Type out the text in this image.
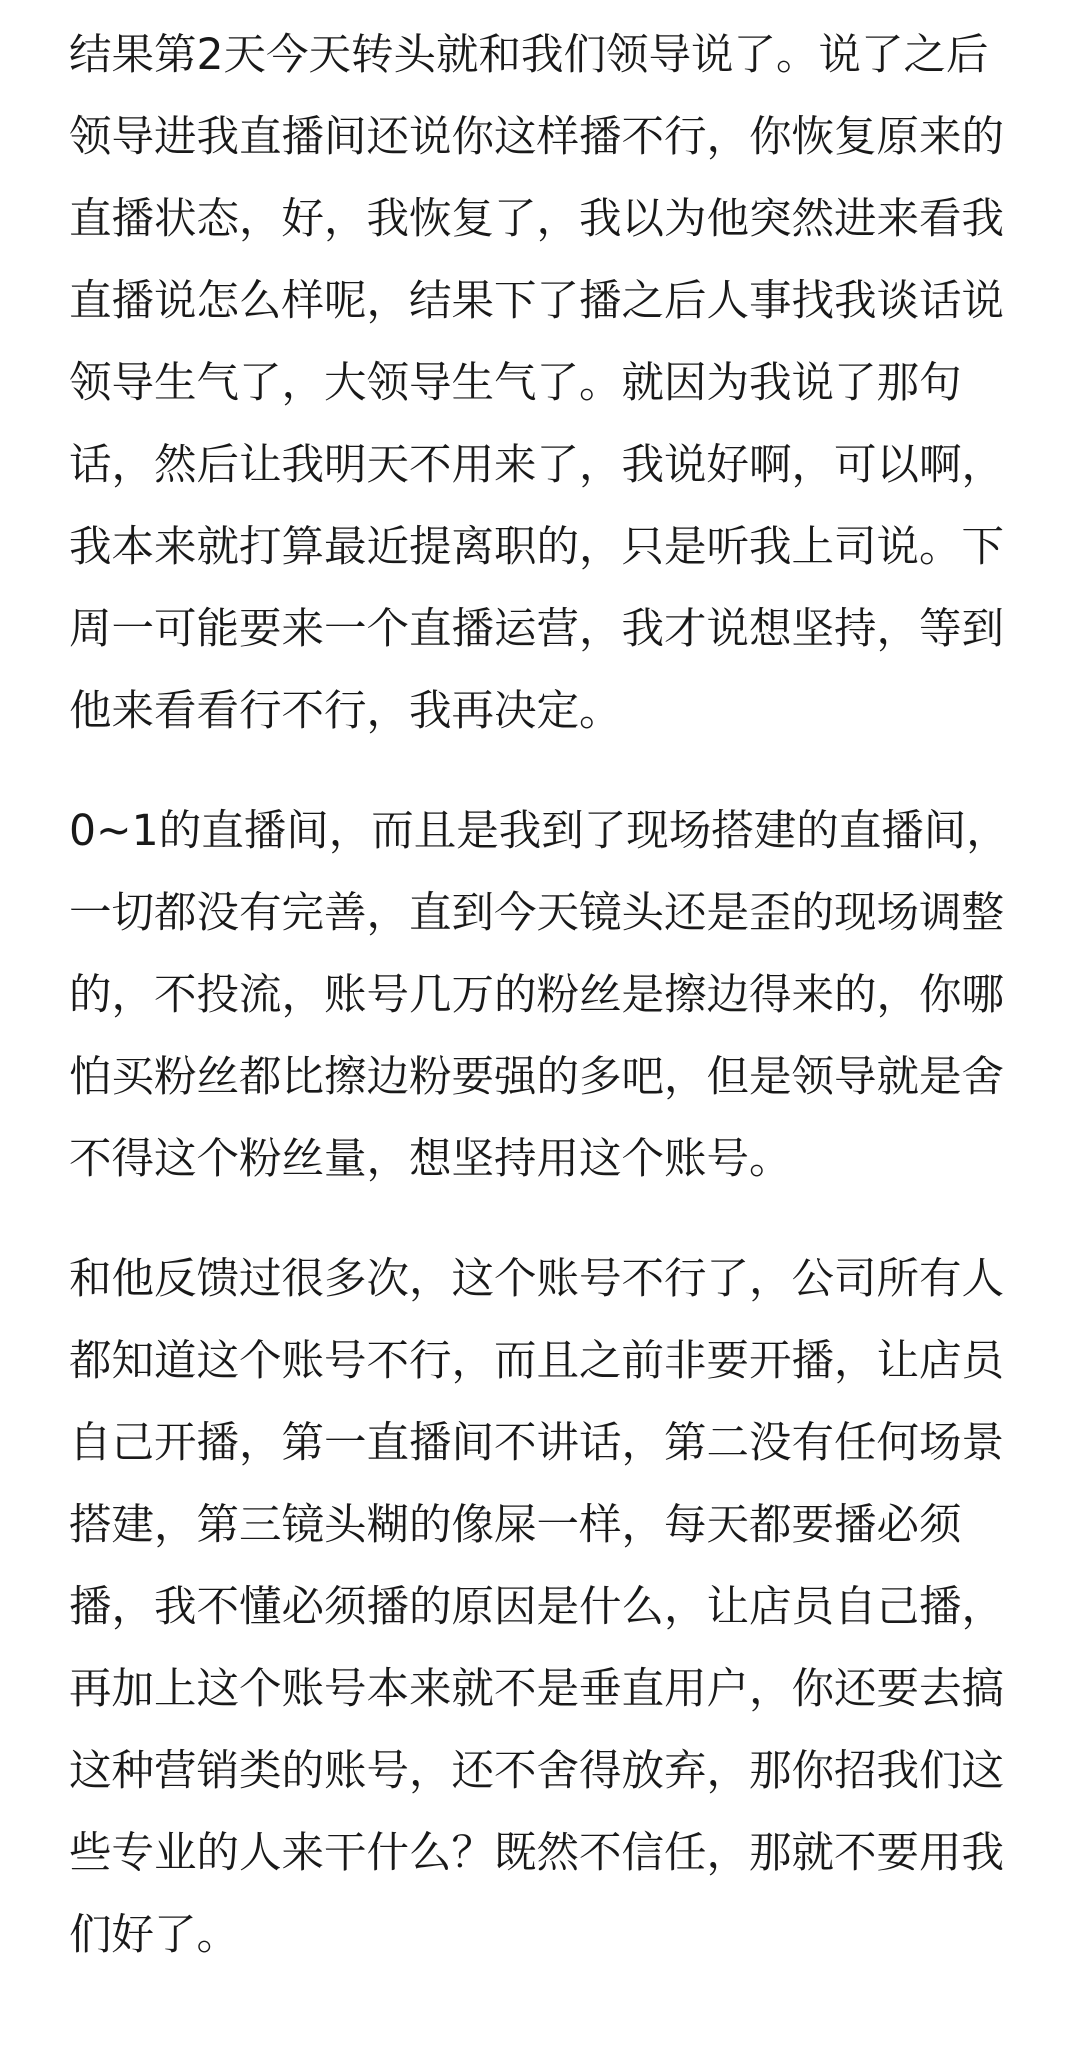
结果第2天今天转头就和我们领导说了。说了之后领导进我直播间还说你这样播不行，你恢复原来的直播状态，好，我恢复了，我以为他突然进来看我直播说怎么样呢，结果下了播之后人事找我谈话说领导生气了，大领导生气了。就因为我说了那句话，然后让我明天不用来了，我说好啊，可以啊，我本来就打算最近提离职的，只是听我上司说。下周一可能要来一个直播运营，我才说想坚持，等到他来看看行不行，我再决定。

0~1的直播间，而且是我到了现场搭建的直播间，一切都没有完善，直到今天镜头还是歪的现场调整的，不投流，账号几万的粉丝是擦边得来的，你哪怕买粉丝都比擦边粉要强的多吧，但是领导就是舍不得这个粉丝量，想坚持用这个账号。

和他反馈过很多次，这个账号不行了，公司所有人都知道这个账号不行，而且之前非要开播，让店员自己开播，第一直播间不讲话，第二没有任何场景搭建，第三镜头糊的像屎一样，每天都要播必须播，我不懂必须播的原因是什么，让店员自己播，再加上这个账号本来就不是垂直用户，你还要去搞这种营销类的账号，还不舍得放弃，那你招我们这些专业的人来干什么？既然不信任，那就不要用我们好了。
